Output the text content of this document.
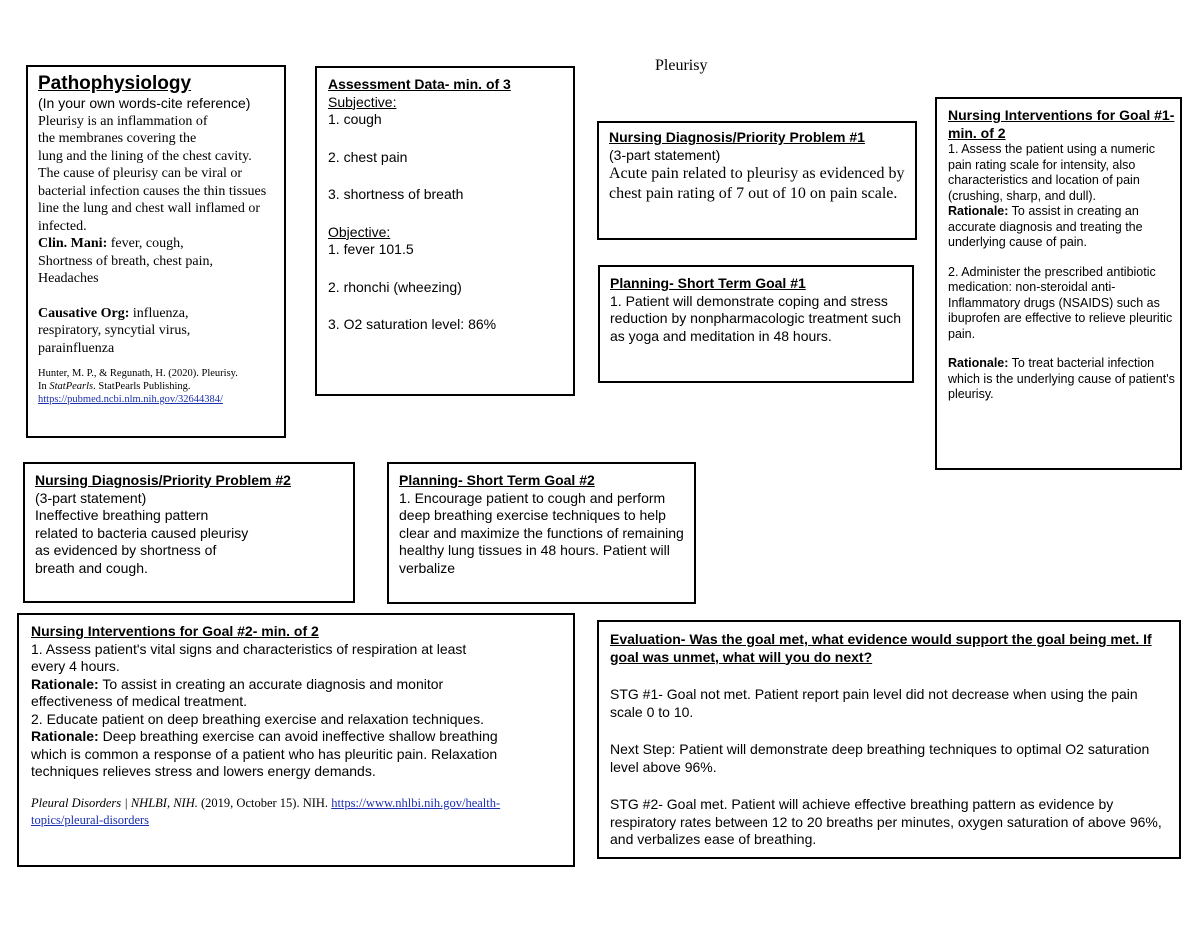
Pleurisy

Pathophysiology

(In your own words-cite reference)

Pleurisy is an inflammation of

the membranes covering the

lung and the lining of the chest cavity.

The cause of pleurisy can be viral or

bacterial infection causes the thin tissues

line the lung and chest wall inflamed or

infected.

Clin. Mani: fever, cough,

Shortness of breath, chest pain,

Headaches

Causative Org: influenza,

respiratory, syncytial virus,

parainfluenza

Hunter, M. P., & Regunath, H. (2020). Pleurisy.

In StatPearls. StatPearls Publishing.

https://pubmed.ncbi.nlm.nih.gov/32644384/

Assessment Data- min. of 3

Subjective:

1. cough

2. chest pain

3. shortness of breath

Objective:

1. fever 101.5

2. rhonchi (wheezing)

3. O2 saturation level: 86%

Nursing Diagnosis/Priority Problem #1

(3-part statement)

Acute pain related to pleurisy as evidenced by chest pain rating of 7 out of 10 on pain scale.

Planning- Short Term Goal #1

1. Patient will demonstrate coping and stress reduction by nonpharmacologic treatment such as yoga and meditation in 48 hours.

Nursing Interventions for Goal #1- min. of 2

1. Assess the patient using a numeric pain rating scale for intensity, also characteristics and location of pain (crushing, sharp, and dull).

Rationale: To assist in creating an accurate diagnosis and treating the underlying cause of pain.

2. Administer the prescribed antibiotic medication: non-steroidal anti-Inflammatory drugs (NSAIDS) such as ibuprofen are effective to relieve pleuritic pain.

Rationale: To treat bacterial infection which is the underlying cause of patient's pleurisy.

Nursing Diagnosis/Priority Problem #2

(3-part statement)

Ineffective breathing pattern

related to bacteria caused pleurisy

as evidenced by shortness of

breath and cough.

Planning- Short Term Goal #2

1. Encourage patient to cough and perform deep breathing exercise techniques to help clear and maximize the functions of remaining healthy lung tissues in 48 hours. Patient will verbalize

Nursing Interventions for Goal #2- min. of 2

1. Assess patient's vital signs and characteristics of respiration at least every 4 hours.

Rationale: To assist in creating an accurate diagnosis and monitor effectiveness of medical treatment.

2. Educate patient on deep breathing exercise and relaxation techniques.

Rationale: Deep breathing exercise can avoid ineffective shallow breathing which is common a response of a patient who has pleuritic pain. Relaxation techniques relieves stress and lowers energy demands.

Pleural Disorders | NHLBI, NIH. (2019, October 15). NIH. https://www.nhlbi.nih.gov/health-topics/pleural-disorders

Evaluation- Was the goal met, what evidence would support the goal being met. If goal was unmet, what will you do next?

STG #1- Goal not met. Patient report pain level did not decrease when using the pain scale 0 to 10.

Next Step: Patient will demonstrate deep breathing techniques to optimal O2 saturation level above 96%.

STG #2- Goal met. Patient will achieve effective breathing pattern as evidence by respiratory rates between 12 to 20 breaths per minutes, oxygen saturation of above 96%, and verbalizes ease of breathing.
